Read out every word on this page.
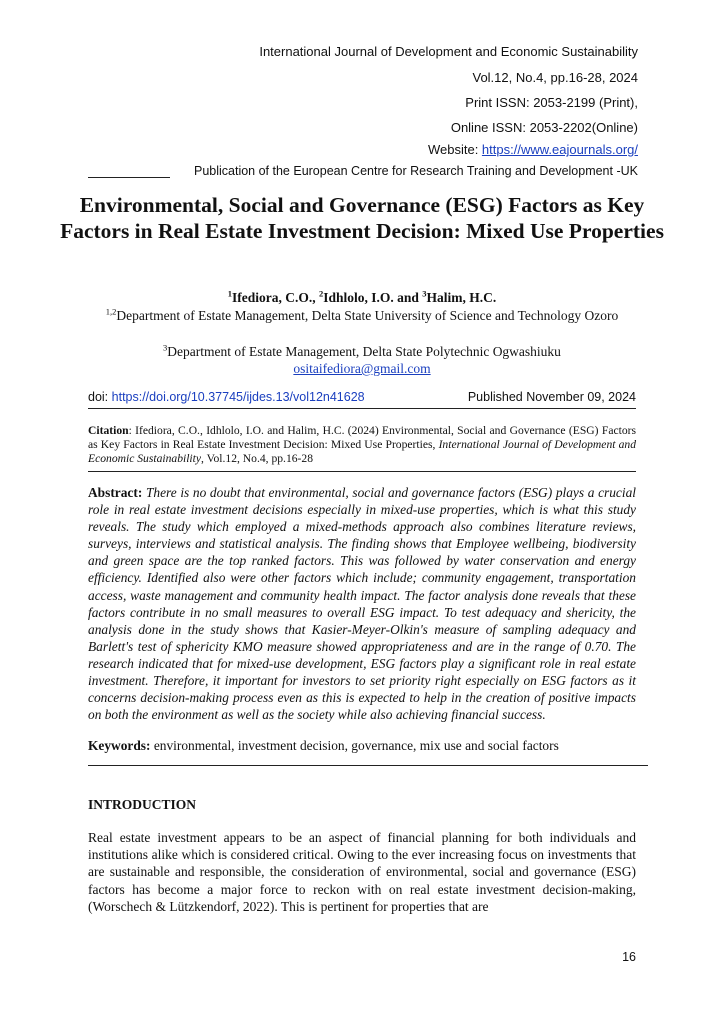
International Journal of Development and Economic Sustainability
Vol.12, No.4, pp.16-28, 2024
Print ISSN: 2053-2199 (Print),
Online ISSN: 2053-2202(Online)
Website: https://www.eajournals.org/
Publication of the European Centre for Research Training and Development -UK
Environmental, Social and Governance (ESG) Factors as Key Factors in Real Estate Investment Decision: Mixed Use Properties
$^1$Ifediora, C.O., $^2$Idhlolo, I.O. and $^3$Halim, H.C.
$^{1,2}$Department of Estate Management, Delta State University of Science and Technology Ozoro
$^3$Department of Estate Management, Delta State Polytechnic Ogwashiuku
ositaifediora@gmail.com
doi: https://doi.org/10.37745/ijdes.13/vol12n41628	Published November 09, 2024
Citation: Ifediora, C.O., Idhlolo, I.O. and Halim, H.C. (2024) Environmental, Social and Governance (ESG) Factors as Key Factors in Real Estate Investment Decision: Mixed Use Properties, International Journal of Development and Economic Sustainability, Vol.12, No.4, pp.16-28
Abstract: There is no doubt that environmental, social and governance factors (ESG) plays a crucial role in real estate investment decisions especially in mixed-use properties, which is what this study reveals. The study which employed a mixed-methods approach also combines literature reviews, surveys, interviews and statistical analysis. The finding shows that Employee wellbeing, biodiversity and green space are the top ranked factors. This was followed by water conservation and energy efficiency. Identified also were other factors which include; community engagement, transportation access, waste management and community health impact. The factor analysis done reveals that these factors contribute in no small measures to overall ESG impact. To test adequacy and shericity, the analysis done in the study shows that Kasier-Meyer-Olkin's measure of sampling adequacy and Barlett's test of sphericity KMO measure showed appropriateness and are in the range of 0.70. The research indicated that for mixed-use development, ESG factors play a significant role in real estate investment. Therefore, it important for investors to set priority right especially on ESG factors as it concerns decision-making process even as this is expected to help in the creation of positive impacts on both the environment as well as the society while also achieving financial success.
Keywords: environmental, investment decision, governance, mix use and social factors
INTRODUCTION
Real estate investment appears to be an aspect of financial planning for both individuals and institutions alike which is considered critical. Owing to the ever increasing focus on investments that are sustainable and responsible, the consideration of environmental, social and governance (ESG) factors has become a major force to reckon with on real estate investment decision-making, (Worschech & Lützkendorf, 2022). This is pertinent for properties that are
16
